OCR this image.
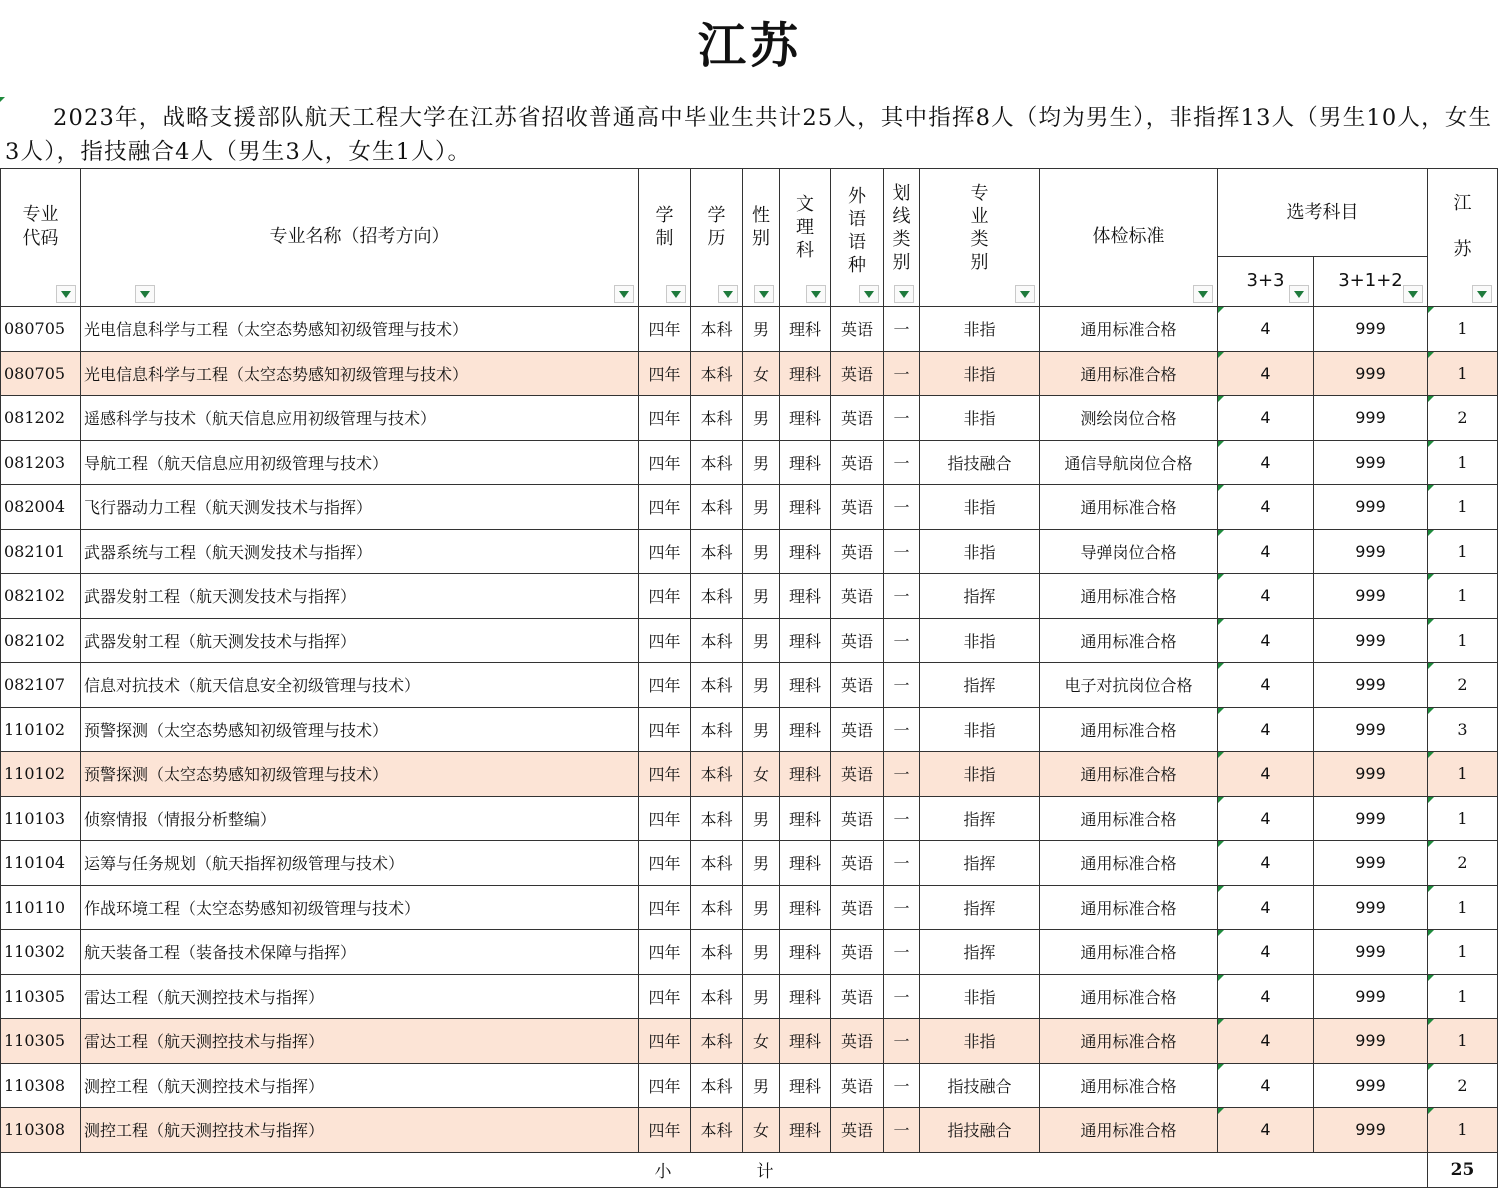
江苏
2023年，战略支援部队航天工程大学在江苏省招收普通高中毕业生共计25人，其中指挥8人（均为男生），非指挥13人（男生10人，女生3人），指技融合4人（男生3人，女生1人）。
专业代码	专业名称（招考方向）	学制	学历	性别	文理科	外语语种	划线类别	专业类别	体检标准	选考科目		江苏

										3+3	3+1+2	

080705	光电信息科学与工程（太空态势感知初级管理与技术）	四年	本科	男	理科	英语	一	非指	通用标准合格	4	999	1
080705	光电信息科学与工程（太空态势感知初级管理与技术）	四年	本科	女	理科	英语	一	非指	通用标准合格	4	999	1
081202	遥感科学与技术（航天信息应用初级管理与技术）	四年	本科	男	理科	英语	一	非指	测绘岗位合格	4	999	2
081203	导航工程（航天信息应用初级管理与技术）	四年	本科	男	理科	英语	一	指技融合	通信导航岗位合格	4	999	1
082004	飞行器动力工程（航天测发技术与指挥）	四年	本科	男	理科	英语	一	非指	通用标准合格	4	999	1
082101	武器系统与工程（航天测发技术与指挥）	四年	本科	男	理科	英语	一	非指	导弹岗位合格	4	999	1
082102	武器发射工程（航天测发技术与指挥）	四年	本科	男	理科	英语	一	指挥	通用标准合格	4	999	1
082102	武器发射工程（航天测发技术与指挥）	四年	本科	男	理科	英语	一	非指	通用标准合格	4	999	1
082107	信息对抗技术（航天信息安全初级管理与技术）	四年	本科	男	理科	英语	一	指挥	电子对抗岗位合格	4	999	2
110102	预警探测（太空态势感知初级管理与技术）	四年	本科	男	理科	英语	一	非指	通用标准合格	4	999	3
110102	预警探测（太空态势感知初级管理与技术）	四年	本科	女	理科	英语	一	非指	通用标准合格	4	999	1
110103	侦察情报（情报分析整编）	四年	本科	男	理科	英语	一	指挥	通用标准合格	4	999	1
110104	运筹与任务规划（航天指挥初级管理与技术）	四年	本科	男	理科	英语	一	指挥	通用标准合格	4	999	2
110110	作战环境工程（太空态势感知初级管理与技术）	四年	本科	男	理科	英语	一	指挥	通用标准合格	4	999	1
110302	航天装备工程（装备技术保障与指挥）	四年	本科	男	理科	英语	一	指挥	通用标准合格	4	999	1
110305	雷达工程（航天测控技术与指挥）	四年	本科	男	理科	英语	一	非指	通用标准合格	4	999	1
110305	雷达工程（航天测控技术与指挥）	四年	本科	女	理科	英语	一	非指	通用标准合格	4	999	1
110308	测控工程（航天测控技术与指挥）	四年	本科	男	理科	英语	一	指技融合	通用标准合格	4	999	2
110308	测控工程（航天测控技术与指挥）	四年	本科	女	理科	英语	一	指技融合	通用标准合格	4	999	1
小　　　　　计												25
